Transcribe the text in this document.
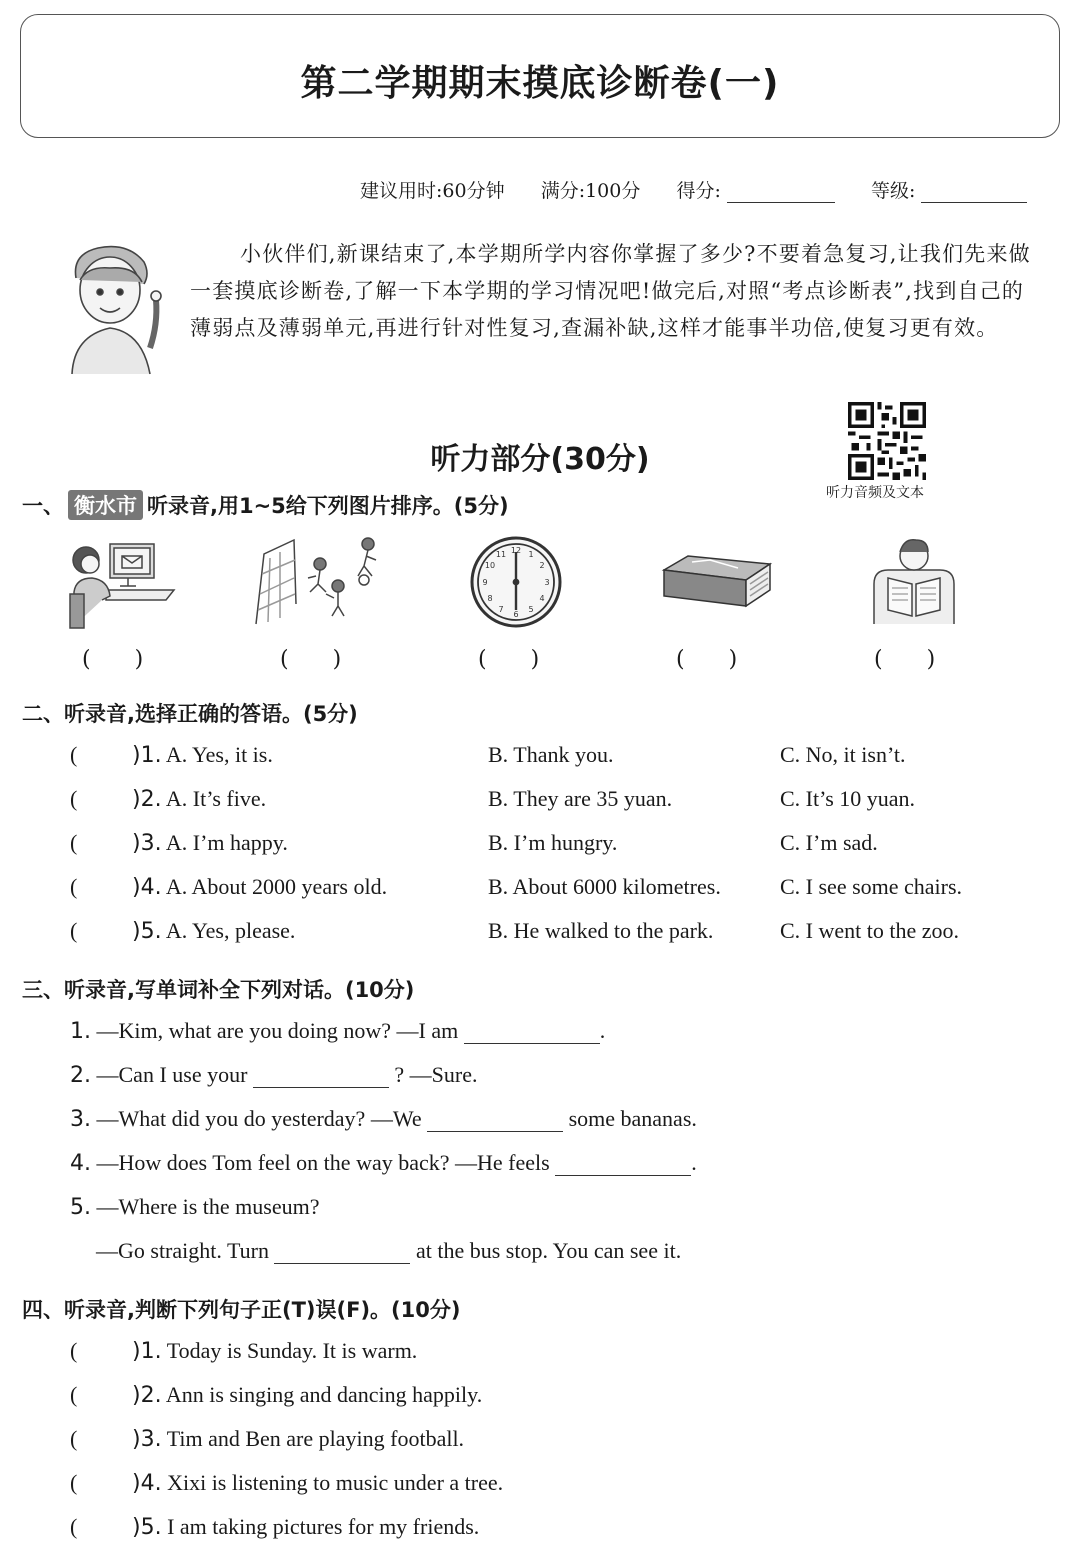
第二学期期末摸底诊断卷(一)
建议用时:60分钟 满分:100分 得分:	等级:
小伙伴们,新课结束了,本学期所学内容你掌握了多少?不要着急复习,让我们先来做一套摸底诊断卷,了解一下本学期的学习情况吧!做完后,对照“考点诊断表”,找到自己的薄弱点及薄弱单元,再进行针对性复习,查漏补缺,这样才能事半功倍,使复习更有效。
听力音频及文本
听力部分(30分)
一、 衡水市 听录音,用1~5给下列图片排序。(5分)
12 1
2
3
4
5
6
7
8
9
10
11
(　　)	(　　)	(　　)	(　　)	(　　)
二、听录音,选择正确的答语。(5分)
( )1. A. Yes, it is.	B. Thank you.	C. No, it isn’t.
( )2. A. It’s five.	B. They are 35 yuan.	C. It’s 10 yuan.
( )3. A. I’m happy.	B. I’m hungry.	C. I’m sad.
( )4. A. About 2000 years old.	B. About 6000 kilometres.	C. I see some chairs.
( )5. A. Yes, please.	B. He walked to the park.	C. I went to the zoo.
三、听录音,写单词补全下列对话。(10分)
1. —Kim, what are you doing now? —I am	.
2. —Can I use your	? —Sure.
3. —What did you do yesterday? —We	some bananas.
4. —How does Tom feel on the way back? —He feels	.
5. —Where is the museum?
—Go straight. Turn	at the bus stop. You can see it.
四、听录音,判断下列句子正(T)误(F)。(10分)
( )1. Today is Sunday. It is warm.
( )2. Ann is singing and dancing happily.
( )3. Tim and Ben are playing football.
( )4. Xixi is listening to music under a tree.
( )5. I am taking pictures for my friends.
